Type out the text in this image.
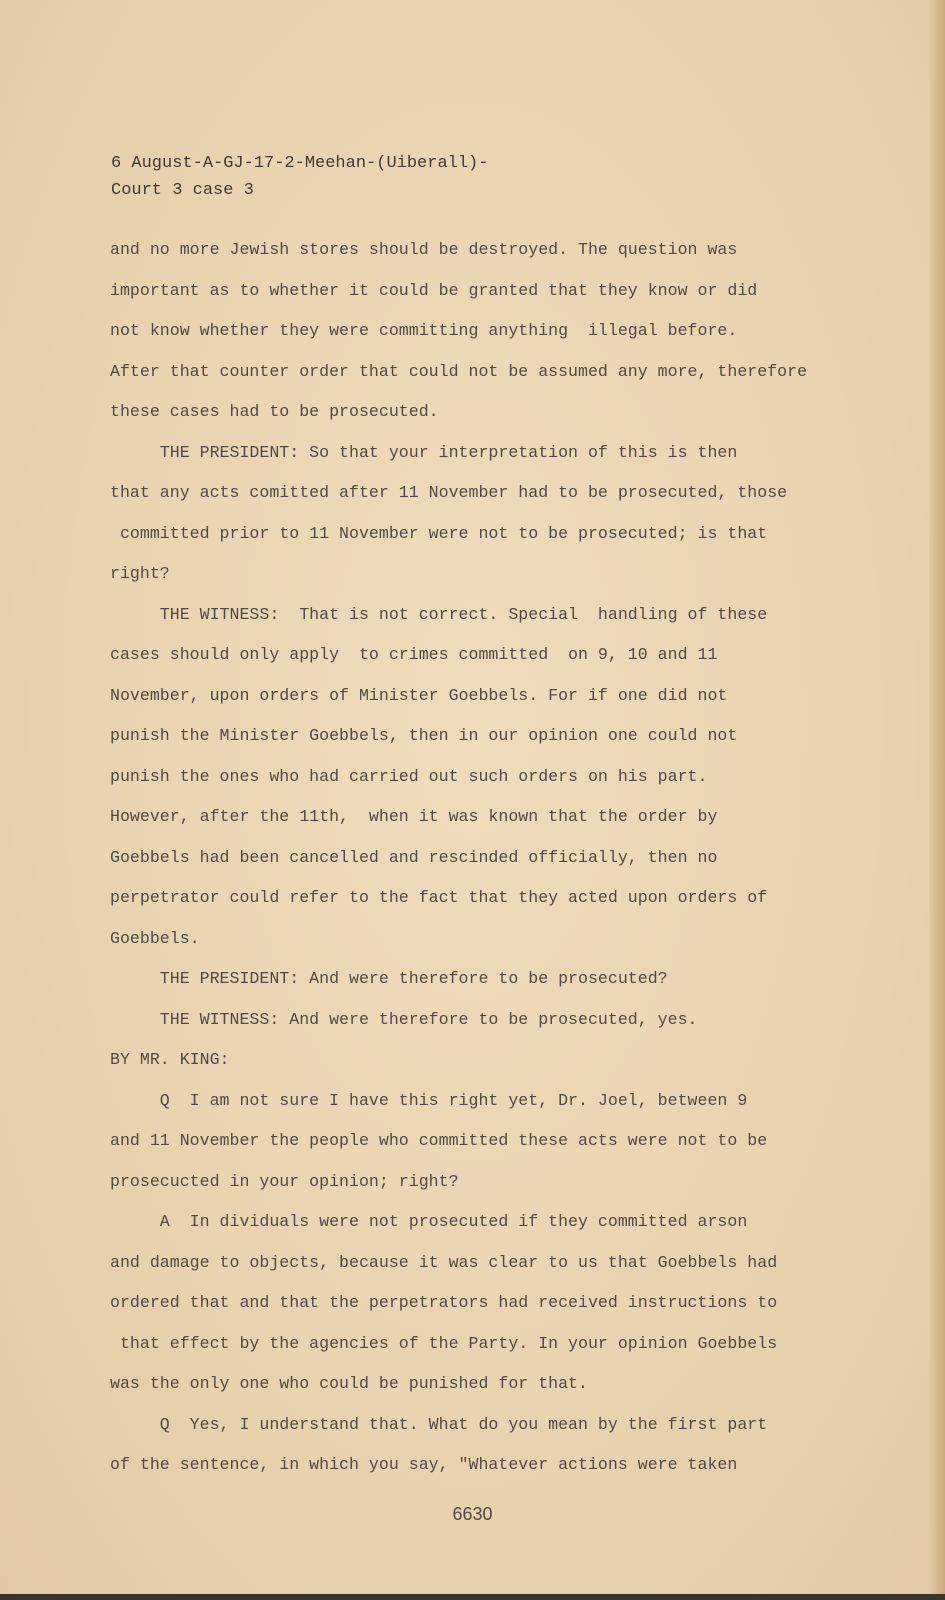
6 August-A-GJ-17-2-Meehan-(Uiberall)-
Court 3 case 3
and no more Jewish stores should be destroyed. The question was
important as to whether it could be granted that they know or did
not know whether they were committing anything  illegal before.
After that counter order that could not be assumed any more, therefore
these cases had to be prosecuted.
THE PRESIDENT: So that your interpretation of this is then
that any acts comitted after 11 November had to be prosecuted, those
committed prior to 11 November were not to be prosecuted; is that
right?
THE WITNESS:  That is not correct. Special  handling of these
cases should only apply  to crimes committed  on 9, 10 and 11
November, upon orders of Minister Goebbels. For if one did not
punish the Minister Goebbels, then in our opinion one could not
punish the ones who had carried out such orders on his part.
However, after the 11th,  when it was known that the order by
Goebbels had been cancelled and rescinded officially, then no
perpetrator could refer to the fact that they acted upon orders of
Goebbels.
THE PRESIDENT: And were therefore to be prosecuted?
THE WITNESS: And were therefore to be prosecuted, yes.
BY MR. KING:
Q  I am not sure I have this right yet, Dr. Joel, between 9
and 11 November the people who committed these acts were not to be
prosecucted in your opinion; right?
A  In dividuals were not prosecuted if they committed arson
and damage to objects, because it was clear to us that Goebbels had
ordered that and that the perpetrators had received instructions to
that effect by the agencies of the Party. In your opinion Goebbels
was the only one who could be punished for that.
Q  Yes, I understand that. What do you mean by the first part
of the sentence, in which you say, "Whatever actions were taken
6630
